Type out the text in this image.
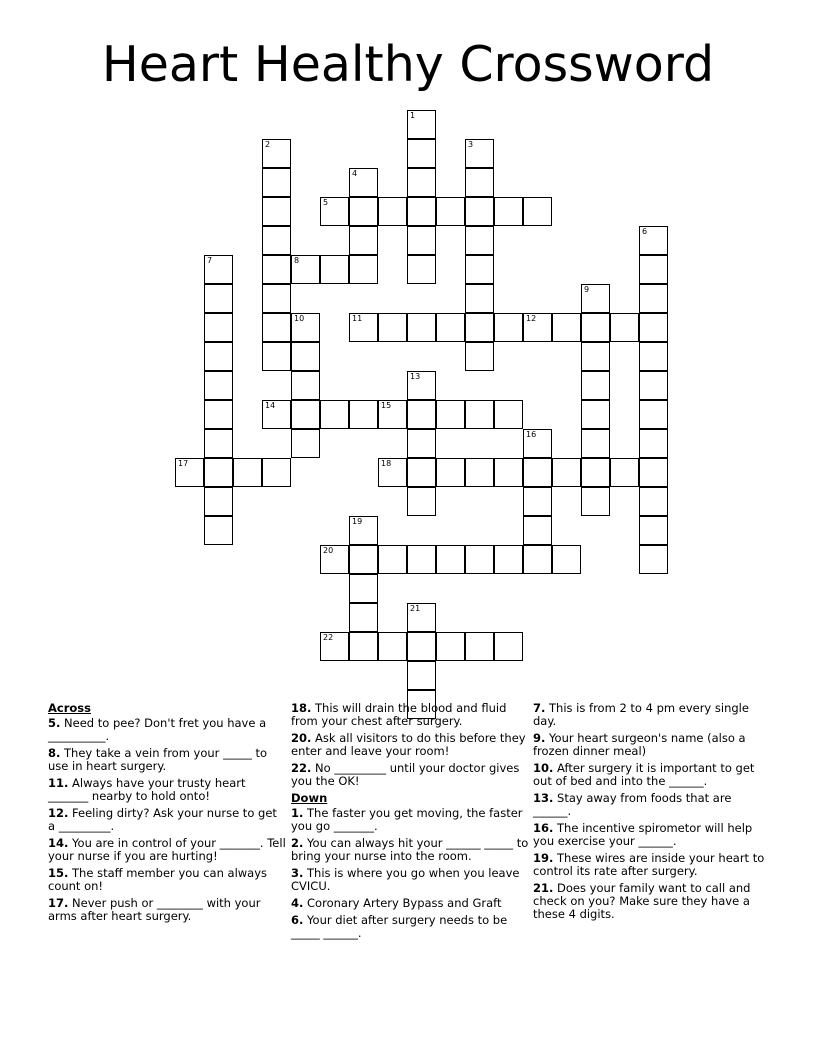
Heart Healthy Crossword
1
2	3
4
5
6
7	8
9
10	11	12
13
14	15
16
17	18
19
20
21
22
Across
5. Need to pee? Don't fret you have a __________.
8. They take a vein from your _____ to use in heart surgery.
11. Always have your trusty heart _______ nearby to hold onto!
12. Feeling dirty? Ask your nurse to get a _________.
14. You are in control of your _______. Tell your nurse if you are hurting!
15. The staff member you can always count on!
17. Never push or ________ with your arms after heart surgery.
18. This will drain the blood and fluid from your chest after surgery.
20. Ask all visitors to do this before they enter and leave your room!
22. No _________ until your doctor gives you the OK!
Down
1. The faster you get moving, the faster you go _______.
2. You can always hit your ______ _____ to bring your nurse into the room.
3. This is where you go when you leave CVICU.
4. Coronary Artery Bypass and Graft
6. Your diet after surgery needs to be _____ ______.
7. This is from 2 to 4 pm every single day.
9. Your heart surgeon's name (also a frozen dinner meal)
10. After surgery it is important to get out of bed and into the ______.
13. Stay away from foods that are ______.
16. The incentive spirometor will help you exercise your ______.
19. These wires are inside your heart to control its rate after surgery.
21. Does your family want to call and check on you? Make sure they have a these 4 digits.
